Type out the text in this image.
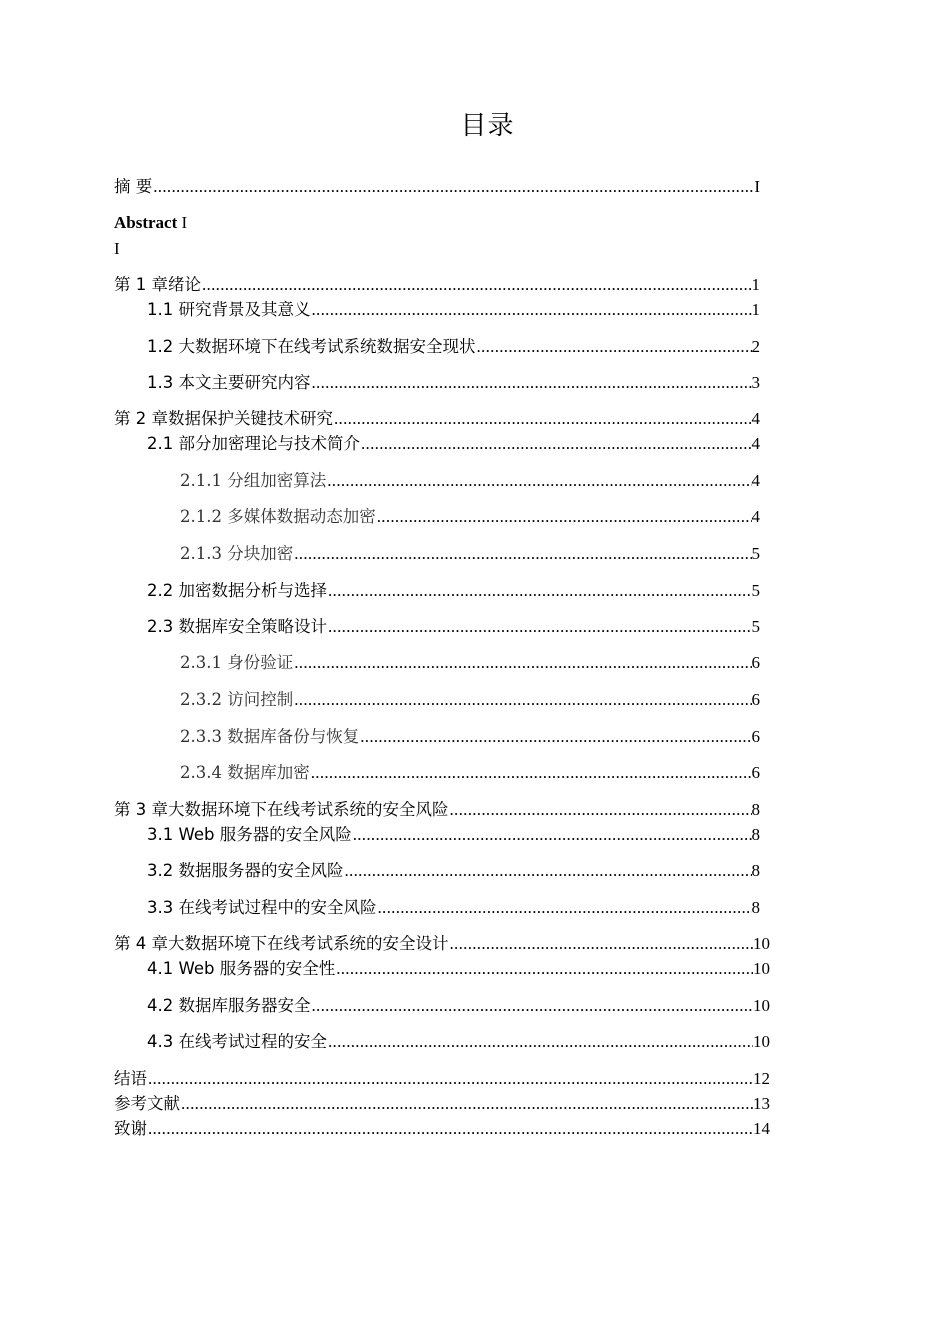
目录
摘 要 .....	I
Abstract I
I
第 1 章绪论 .....	1
1.1 研究背景及其意义 .....	1
1.2 大数据环境下在线考试系统数据安全现状 .....	2
1.3 本文主要研究内容 .....	3
第 2 章数据保护关键技术研究 .....	4
2.1 部分加密理论与技术简介 .....	4
2.1.1 分组加密算法 .....	4
2.1.2 多媒体数据动态加密 .....	4
2.1.3 分块加密 .....	5
2.2 加密数据分析与选择 .....	5
2.3 数据库安全策略设计 .....	5
2.3.1 身份验证 .....	6
2.3.2 访问控制 .....	6
2.3.3 数据库备份与恢复 .....	6
2.3.4 数据库加密 .....	6
第 3 章大数据环境下在线考试系统的安全风险 .....	8
3.1 Web 服务器的安全风险 .....	8
3.2 数据服务器的安全风险 .....	8
3.3 在线考试过程中的安全风险 .....	8
第 4 章大数据环境下在线考试系统的安全设计 .....	10
4.1 Web 服务器的安全性 .....	10
4.2 数据库服务器安全 .....	10
4.3 在线考试过程的安全 .....	10
结语 .....	12
参考文献 .....	13
致谢 .....	14
